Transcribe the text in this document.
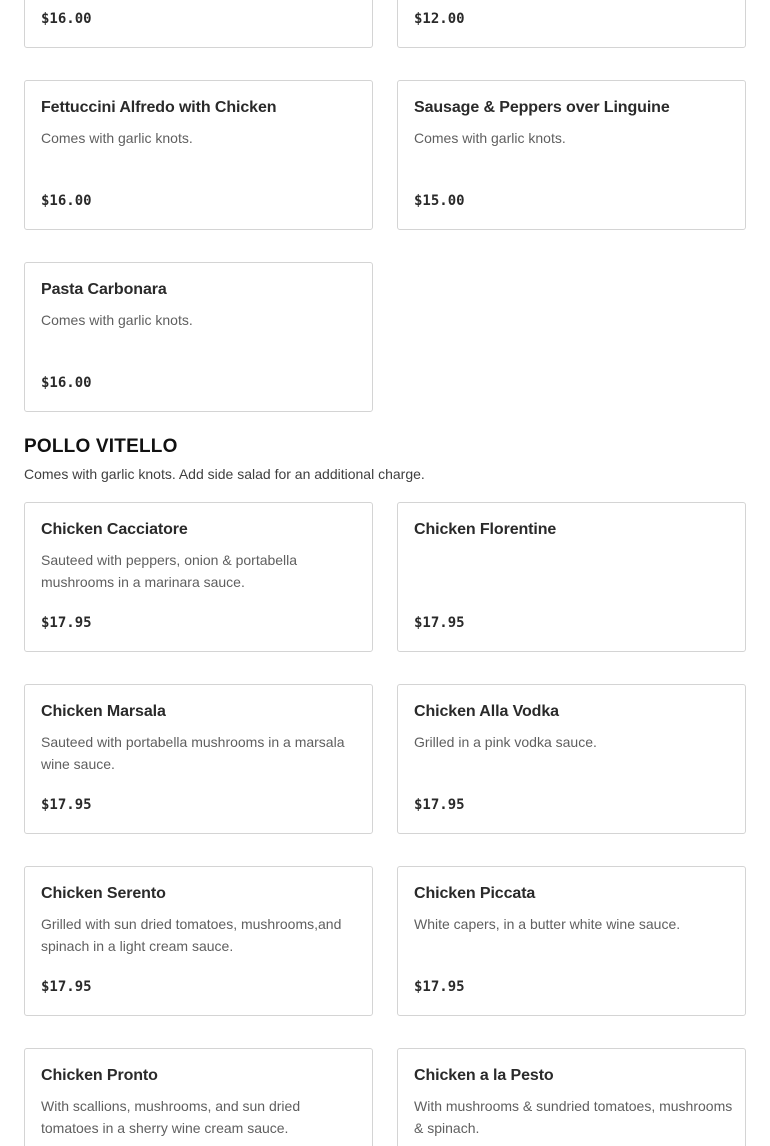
$16.00	$12.00
Fettuccini Alfredo with Chicken
Comes with garlic knots.
$16.00
Sausage & Peppers over Linguine
Comes with garlic knots.
$15.00
Pasta Carbonara
Comes with garlic knots.
$16.00
POLLO VITELLO

Comes with garlic knots. Add side salad for an additional charge.

Chicken Cacciatore
Sauteed with peppers, onion & portabella mushrooms in a marinara sauce.
$17.95
Chicken Florentine
$17.95
Chicken Marsala
Sauteed with portabella mushrooms in a marsala wine sauce.
$17.95
Chicken Alla Vodka
Grilled in a pink vodka sauce.
$17.95
Chicken Serento
Grilled with sun dried tomatoes, mushrooms,and spinach in a light cream sauce.
$17.95
Chicken Piccata
White capers, in a butter white wine sauce.
$17.95
Chicken Pronto
With scallions, mushrooms, and sun dried tomatoes in a sherry wine cream sauce.
Chicken a la Pesto
With mushrooms & sundried tomatoes, mushrooms & spinach.
